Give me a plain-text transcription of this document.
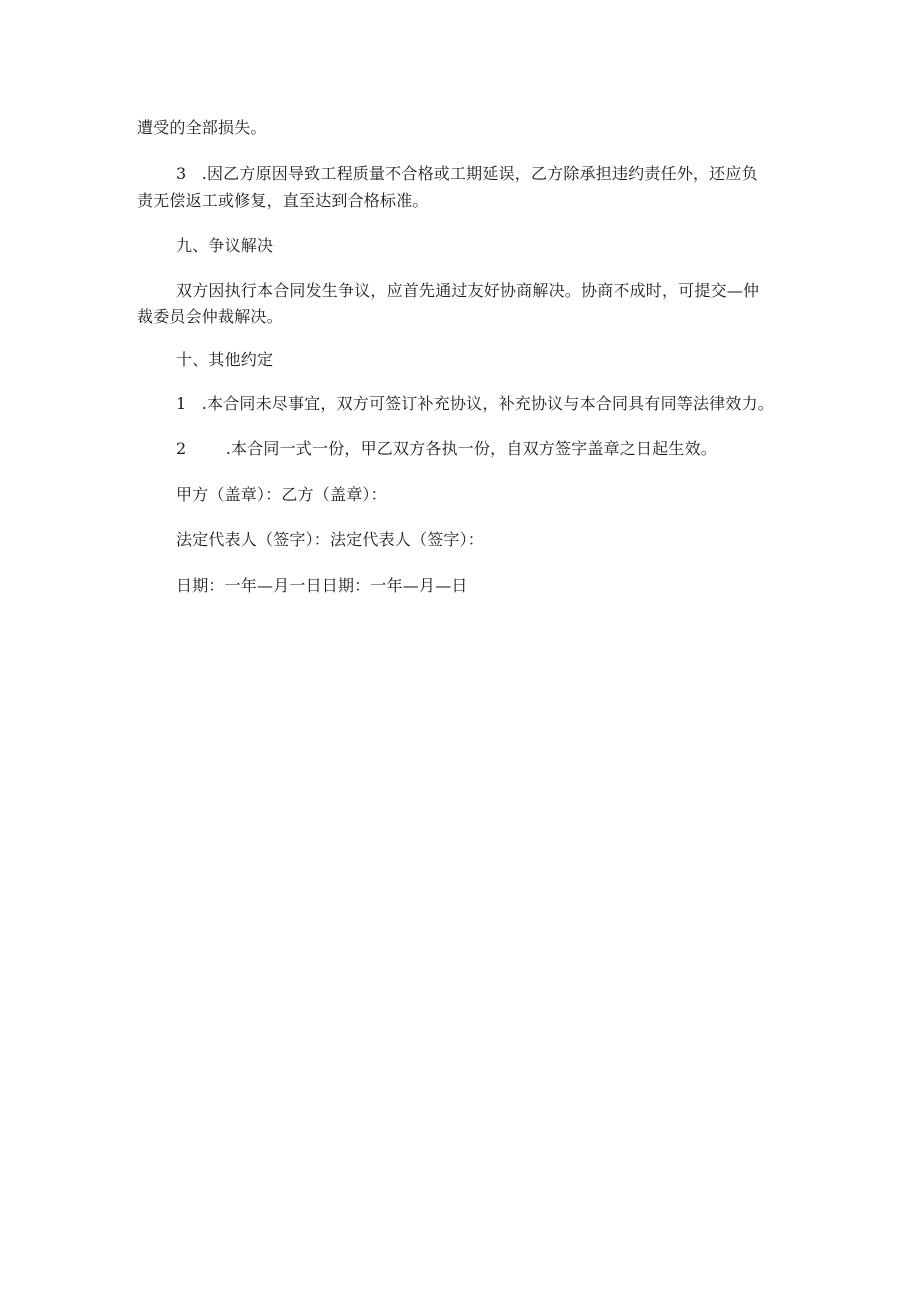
遭受的全部损失。
3 .因乙方原因导致工程质量不合格或工期延误，乙方除承担违约责任外，还应负
责无偿返工或修复，直至达到合格标准。
九、争议解决
双方因执行本合同发生争议，应首先通过友好协商解决。协商不成时，可提交—仲
裁委员会仲裁解决。
十、其他约定
1 .本合同未尽事宜，双方可签订补充协议，补充协议与本合同具有同等法律效力。
2 .本合同一式一份，甲乙双方各执一份，自双方签字盖章之日起生效。
甲方（盖章）：乙方（盖章）：
法定代表人（签字）：法定代表人（签字）：
日期：一年—月一日日期：一年—月—日
